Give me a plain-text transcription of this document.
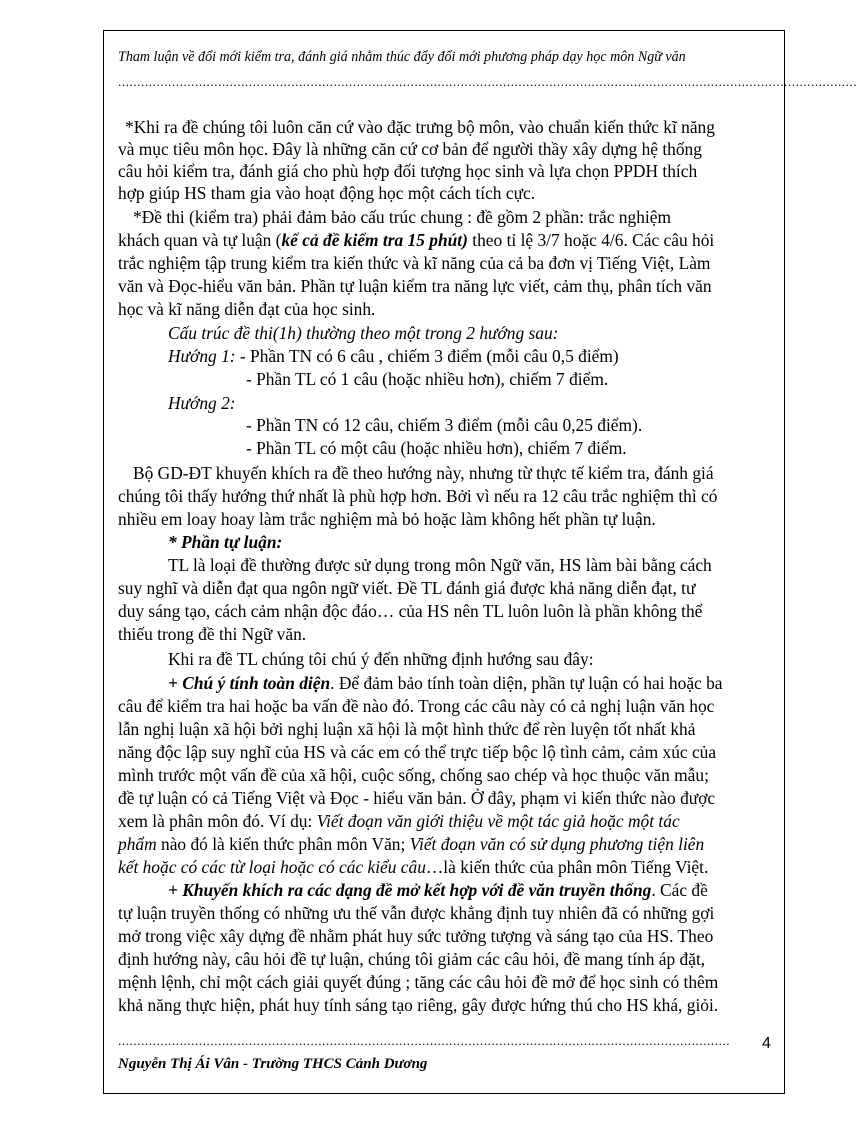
Tham luận về đổi mới kiểm tra, đánh giá nhằm thúc đẩy đổi mới phương pháp dạy học môn Ngữ văn
................................................................................................................................................................................................
*Khi ra đề chúng tôi luôn căn cứ vào đặc trưng bộ môn, vào chuẩn kiến thức kĩ năng
và mục tiêu môn học. Đây là những căn cứ cơ bản để người thầy xây dựng hệ thống
câu hỏi kiểm tra, đánh giá cho phù hợp đối tượng học sinh và lựa chọn PPDH thích
hợp giúp HS tham gia vào hoạt động học một cách tích cực.
*Đề thi (kiểm tra) phải đảm bảo cấu trúc chung : đề gồm 2 phần: trắc nghiệm
khách quan và tự luận (kể cả đề kiểm tra 15 phút) theo tỉ lệ 3/7 hoặc 4/6. Các câu hỏi
trắc nghiệm tập trung kiểm tra kiến thức và kĩ năng của cả ba đơn vị Tiếng Việt, Làm
văn và Đọc-hiểu văn bản. Phần tự luận kiểm tra năng lực viết, cảm thụ, phân tích văn
học và kĩ năng diễn đạt của học sinh.
Cấu trúc đề thi(1h) thường theo một trong 2 hướng sau:
Hướng 1: - Phần TN có 6 câu , chiếm 3 điểm (mỗi câu 0,5 điểm)
- Phần TL có 1 câu (hoặc nhiều hơn), chiếm 7 điểm.
Hướng 2:
- Phần TN có 12 câu, chiếm 3 điểm (mỗi câu 0,25 điểm).
- Phần TL có một câu (hoặc nhiều hơn), chiếm 7 điểm.
Bộ GD-ĐT khuyến khích ra đề theo hướng này, nhưng từ thực tế kiểm tra, đánh giá
chúng tôi thấy hướng thứ nhất là phù hợp hơn. Bởi vì nếu ra 12 câu trắc nghiệm thì có
nhiều em loay hoay làm trắc nghiệm mà bỏ hoặc làm không hết phần tự luận.
* Phần tự luận:
TL là loại đề thường được sử dụng trong môn Ngữ văn, HS làm bài bằng cách
suy nghĩ và diễn đạt qua ngôn ngữ viết. Đề TL đánh giá được khả năng diễn đạt, tư
duy sáng tạo, cách cảm nhận độc đáo… của HS nên TL luôn luôn là phần không thể
thiếu trong đề thi Ngữ văn.
Khi ra đề TL chúng tôi chú ý đến những định hướng sau đây:
+ Chú ý tính toàn diện. Để đảm bảo tính toàn diện, phần tự luận có hai hoặc ba
câu để kiểm tra hai hoặc ba vấn đề nào đó. Trong các câu này có cả nghị luận văn học
lẫn nghị luận xã hội bởi nghị luận xã hội là một hình thức để rèn luyện tốt nhất khả
năng độc lập suy nghĩ của HS và các em có thể trực tiếp bộc lộ tình cảm, cảm xúc của
mình trước một vấn đề của xã hội, cuộc sống, chống sao chép và học thuộc văn mẫu;
đề tự luận có cả Tiếng Việt và Đọc - hiểu văn bản. Ở đây, phạm vi kiến thức nào được
xem là phân môn đó. Ví dụ: Viết đoạn văn giới thiệu về một tác giả hoặc một tác
phẩm nào đó là kiến thức phân môn Văn; Viết đoạn văn có sử dụng phương tiện liên
kết hoặc có các từ loại hoặc có các kiểu câu…là kiến thức của phân môn Tiếng Việt.
+ Khuyến khích ra các dạng đề mở kết hợp với đề văn truyền thống. Các đề
tự luận truyền thống có những ưu thế vẫn được khẳng định tuy nhiên đã có những gợi
mở trong việc xây dựng đề nhằm phát huy sức tưởng tượng và sáng tạo của HS. Theo
định hướng này, câu hỏi đề tự luận, chúng tôi giảm các câu hỏi, đề mang tính áp đặt,
mệnh lệnh, chỉ một cách giải quyết đúng ; tăng các câu hỏi đề mở để học sinh có thêm
khả năng thực hiện, phát huy tính sáng tạo riêng, gây được hứng thú cho HS khá, giỏi.
...............................................................................................................................................................	4
Nguyễn Thị Ái Vân - Trường THCS Cảnh Dương
